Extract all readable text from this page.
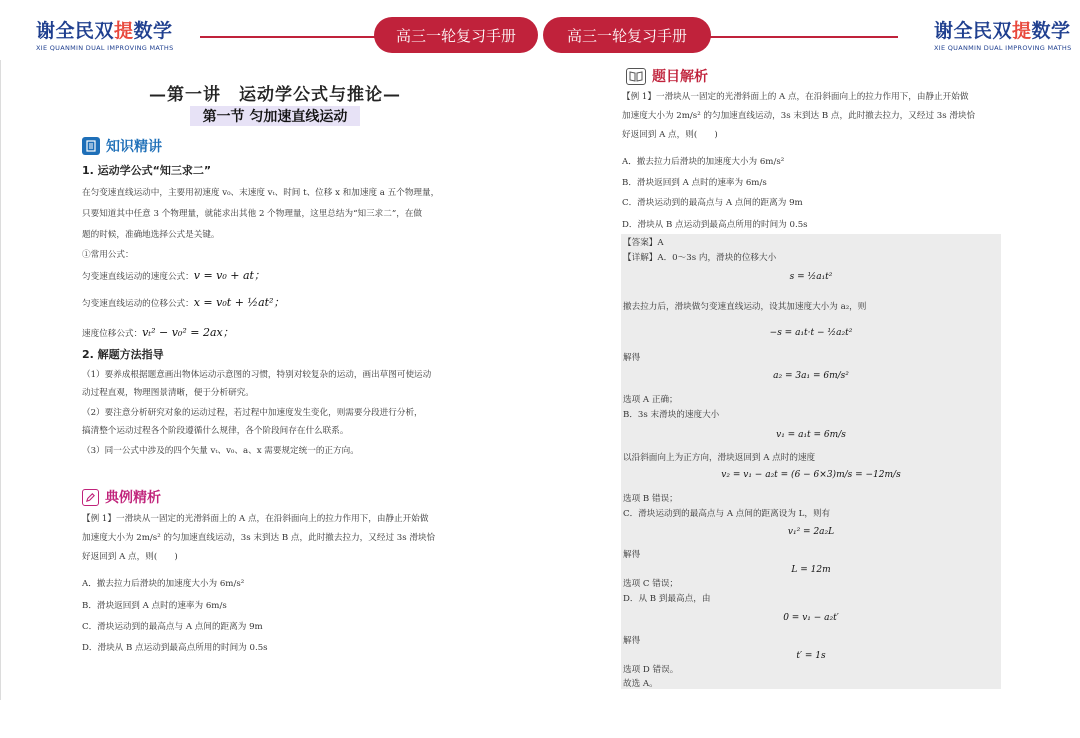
谢全民双提数学
XIE QUANMIN DUAL IMPROVING MATHS
高三一轮复习手册	高三一轮复习手册	谢全民双提数学
XIE QUANMIN DUAL IMPROVING MATHS
—第一讲　运动学公式与推论—
第一节 匀加速直线运动
知识精讲
1. 运动学公式“知三求二”
在匀变速直线运动中，主要用初速度 v₀、末速度 vₜ、时间 t、位移 x 和加速度 a 五个物理量，
只要知道其中任意 3 个物理量，就能求出其他 2 个物理量，这里总结为“知三求二”，在做
题的时候，准确地选择公式是关键。
①常用公式：
匀变速直线运动的速度公式：v = v₀ + at；
匀变速直线运动的位移公式：x = v₀t + ½at²；
速度位移公式：vₜ² − v₀² = 2ax；
2. 解题方法指导
（1）要养成根据题意画出物体运动示意图的习惯，特别对较复杂的运动，画出草图可使运动
动过程直观，物理图景清晰，便于分析研究。
（2）要注意分析研究对象的运动过程，若过程中加速度发生变化，则需要分段进行分析，
搞清整个运动过程各个阶段遵循什么规律，各个阶段间存在什么联系。
（3）同一公式中涉及的四个矢量 vₜ、v₀、a、x 需要规定统一的正方向。
典例精析
【例 1】一滑块从一固定的光滑斜面上的 A 点，在沿斜面向上的拉力作用下，由静止开始做
加速度大小为 2m/s² 的匀加速直线运动，3s 末到达 B 点，此时撤去拉力，又经过 3s 滑块恰
好返回到 A 点，则(　　)
A．撤去拉力后滑块的加速度大小为 6m/s²
B．滑块返回到 A 点时的速率为 6m/s
C．滑块运动到的最高点与 A 点间的距离为 9m
D．滑块从 B 点运动到最高点所用的时间为 0.5s
题目解析
【例 1】一滑块从一固定的光滑斜面上的 A 点，在沿斜面向上的拉力作用下，由静止开始做
加速度大小为 2m/s² 的匀加速直线运动，3s 末到达 B 点，此时撤去拉力，又经过 3s 滑块恰
好返回到 A 点，则(　　)
A．撤去拉力后滑块的加速度大小为 6m/s²
B．滑块返回到 A 点时的速率为 6m/s
C．滑块运动到的最高点与 A 点间的距离为 9m
D．滑块从 B 点运动到最高点所用的时间为 0.5s
【答案】A
【详解】A．0～3s 内，滑块的位移大小
s = ½a₁t²
撤去拉力后，滑块做匀变速直线运动，设其加速度大小为 a₂，则
−s = a₁t·t − ½a₂t²
解得
a₂ = 3a₁ = 6m/s²
选项 A 正确；
B．3s 末滑块的速度大小
v₁ = a₁t = 6m/s
以沿斜面向上为正方向，滑块返回到 A 点时的速度
v₂ = v₁ − a₂t = (6 − 6×3)m/s = −12m/s
选项 B 错误；
C．滑块运动到的最高点与 A 点间的距离设为 L，则有
v₁² = 2a₂L
解得
L = 12m
选项 C 错误；
D．从 B 到最高点，由
0 = v₁ − a₂t′
解得
t′ = 1s
选项 D 错误。
故选 A。
